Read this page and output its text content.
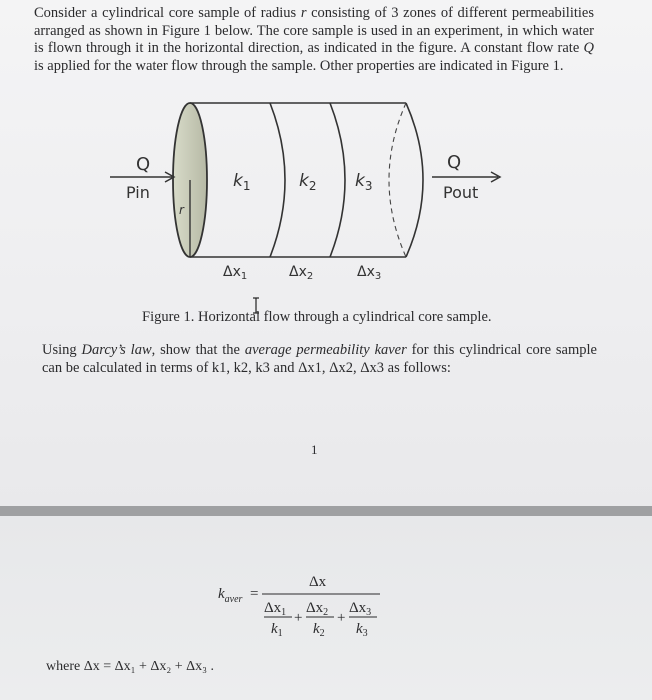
Consider a cylindrical core sample of radius r consisting of 3 zones of different permeabilities arranged as shown in Figure 1 below. The core sample is used in an experiment, in which water is flown through it in the horizontal direction, as indicated in the figure. A constant flow rate Q is applied for the water flow through the sample. Other properties are indicated in Figure 1.

r
Q
Pin
Q
Pout
$k_1$	$k_2$ $k_3$
$\Delta x_1$	$\Delta x_2$	$\Delta x_3$

Figure 1. Horizontal flow through a cylindrical core sample.

Using Darcy’s law, show that the average permeability kaver for this cylindrical core sample can be calculated in terms of k1, k2, k3 and Δx1, Δx2, Δx3 as follows:

1
$k_{aver}$ =
Δx
$\Delta x_1$
$k_1$
+
$\Delta x_2$
$k_2$
+
$\Delta x_3$
$k_3$
where Δx = Δx₁ + Δx₂ + Δx₃ .
